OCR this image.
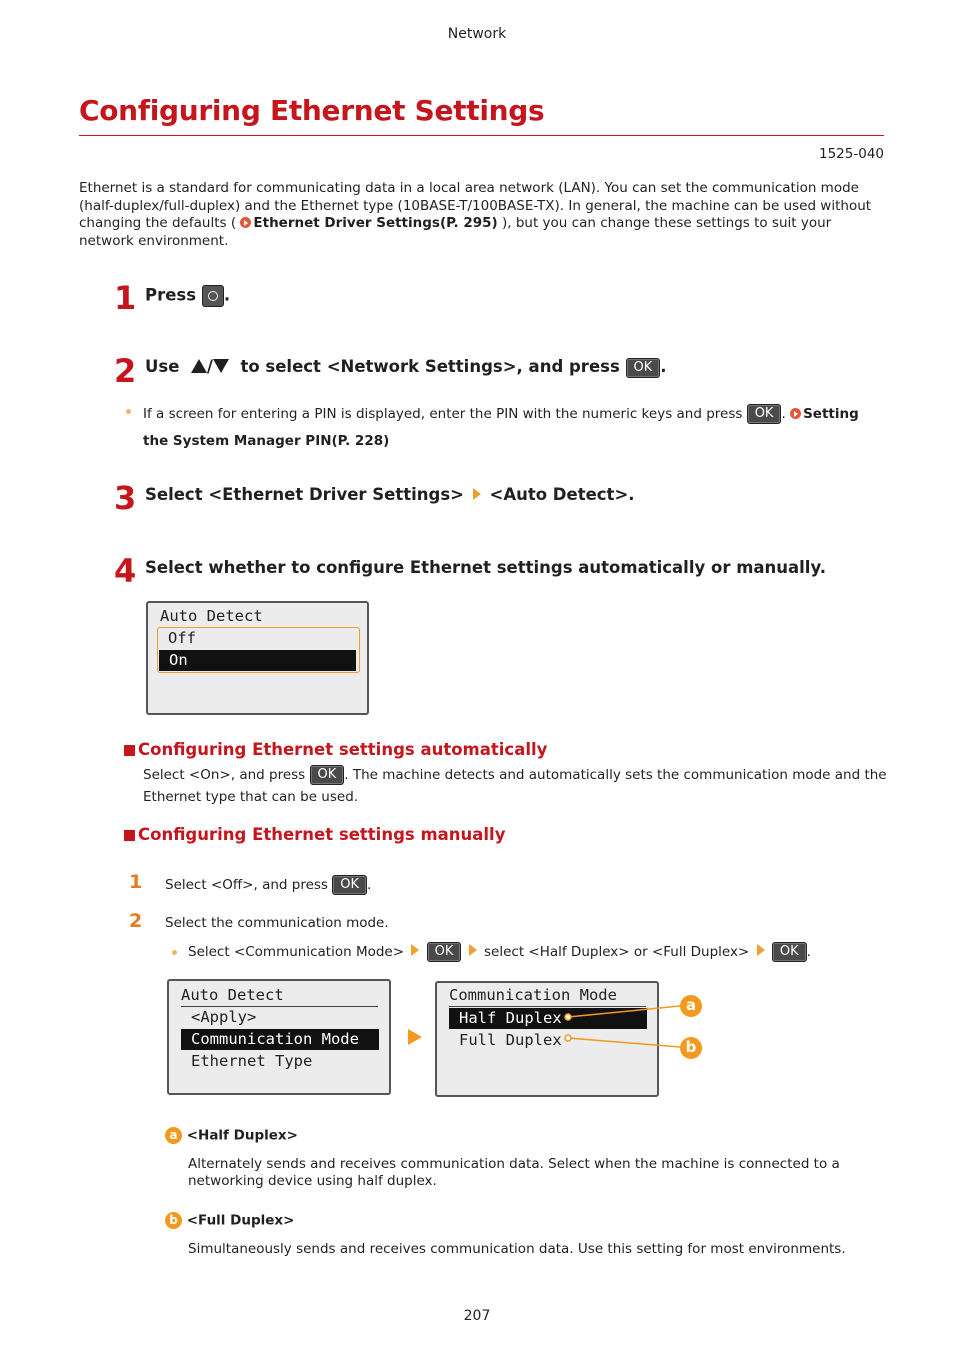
Network
Configuring Ethernet Settings
1525-040
Ethernet is a standard for communicating data in a local area network (LAN). You can set the communication mode (half-duplex/full-duplex) and the Ethernet type (10BASE-T/100BASE-TX). In general, the machine can be used without changing the defaults ( Ethernet Driver Settings(P. 295) ), but you can change these settings to suit your network environment.
1 Press .
2 Use / to select <Network Settings>, and press OK .
If a screen for entering a PIN is displayed, enter the PIN with the numeric keys and press OK . Setting
the System Manager PIN(P. 228)
3 Select <Ethernet Driver Settings> <Auto Detect>.
4 Select whether to configure Ethernet settings automatically or manually.
Auto Detect
Off
On
Configuring Ethernet settings automatically
Select <On>, and press OK . The machine detects and automatically sets the communication mode and the
Ethernet type that can be used.
Configuring Ethernet settings manually
1 Select <Off>, and press OK .
2 Select the communication mode.
Select <Communication Mode> OK select <Half Duplex> or <Full Duplex> OK .
Auto Detect
<Apply>
Communication Mode
Ethernet Type
Communication Mode
Half Duplex
Full Duplex
a
b
a <Half Duplex>
Alternately sends and receives communication data. Select when the machine is connected to a networking device using half duplex.
b <Full Duplex>
Simultaneously sends and receives communication data. Use this setting for most environments.
207
